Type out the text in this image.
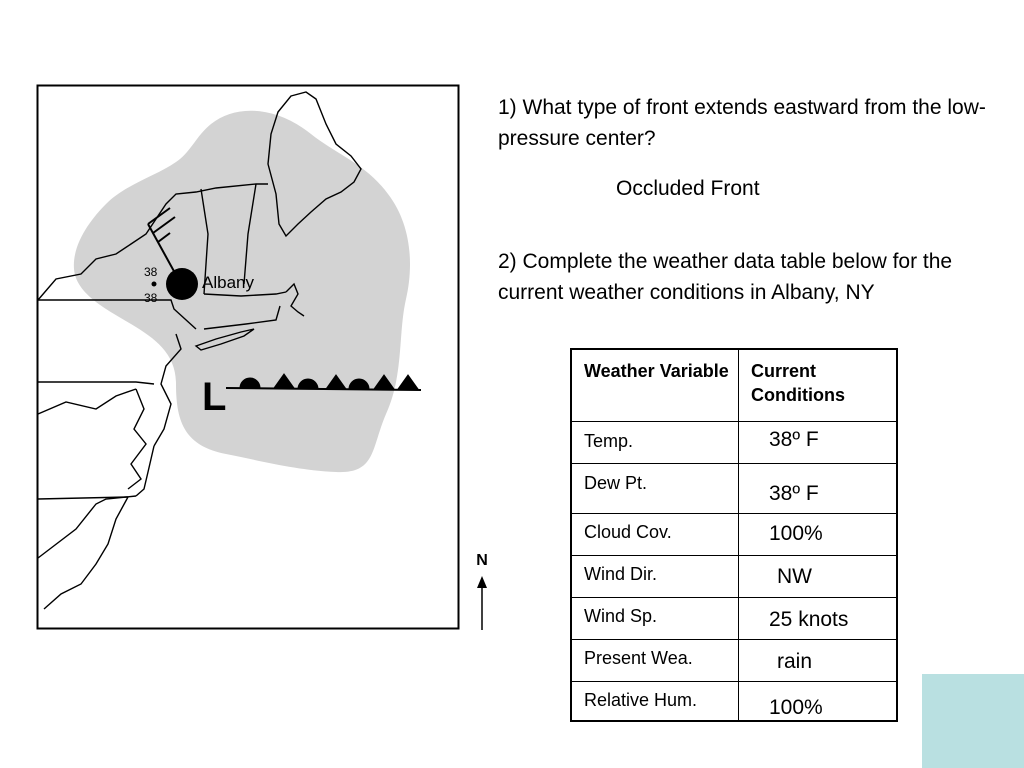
38
38
Albany
L
N
1) What type of front extends eastward from the low-pressure center?
Occluded Front
2) Complete the weather data table below for the current weather conditions in Albany, NY
Weather Variable	Current Conditions
Temp.	38º F
Dew Pt.	38º F
Cloud Cov.	100%
Wind Dir.	NW
Wind Sp.	25 knots
Present Wea.	rain
Relative Hum.	100%
